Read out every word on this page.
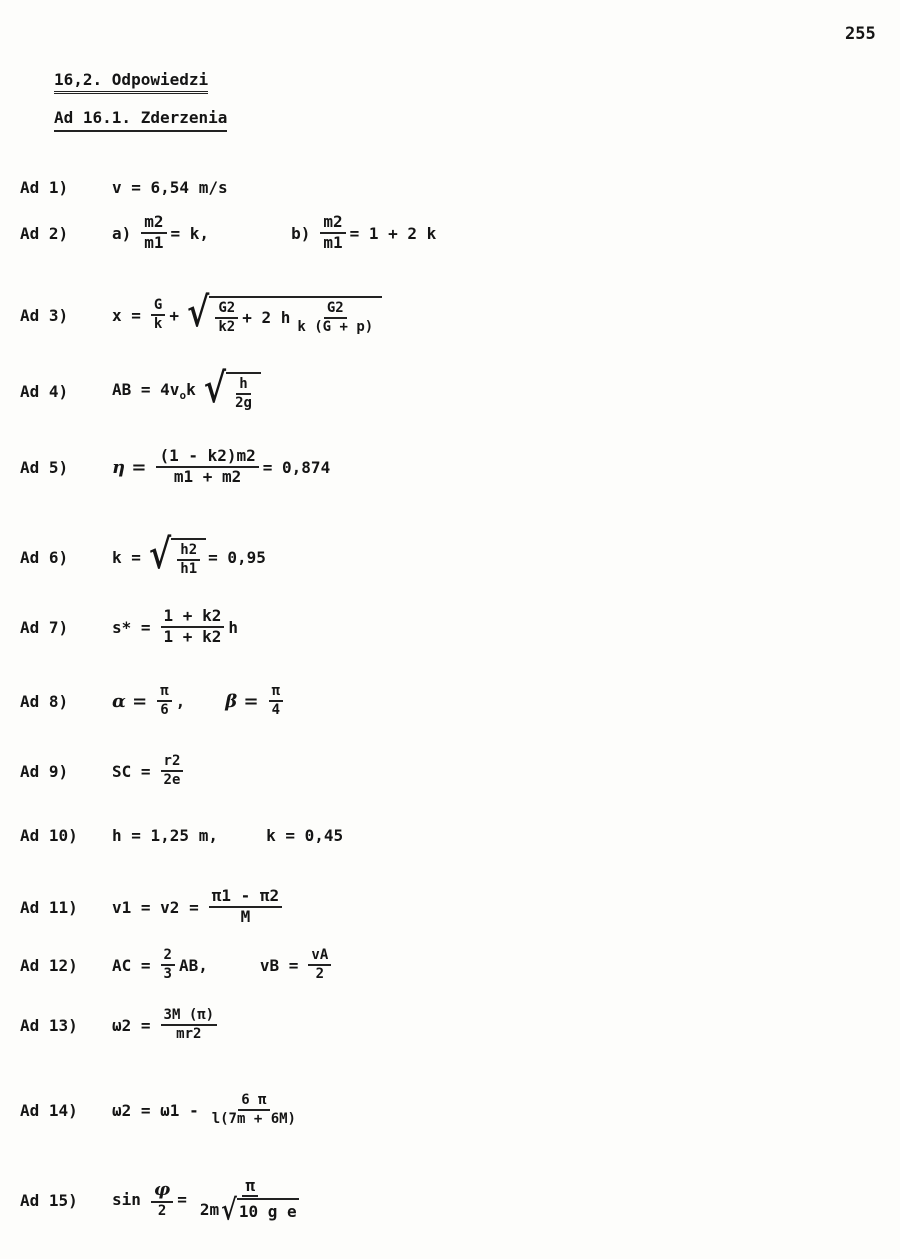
255
16,2. Odpowiedzi
Ad 16.1. Zderzenia
Ad 1)	v = 6,54 m/s
Ad 2)	$a) \frac{m2}{m1} = k$,	$b) \frac{m2}{m1} = 1 + 2$ k
Ad 3)	$x = \frac{G}{k}$ + √ $\frac{G2}{k2} + 2$ h $\frac{G2}{k (G + p)}$
Ad 4)	AB = $4v_ok$ √ $\frac{h}{2g}$
Ad 5)	$\eta = \frac{(1 - k2)m2}{m1 + m2} = 0,874$
Ad 6)	k = √ $\frac{h2}{h1} = 0,95$
Ad 7)	$s* = \frac{1 + k2}{1 + k2}$ h
Ad 8)	$\alpha = \frac{\pi}{6}$ , $\beta = \frac{\pi}{4}$
Ad 9)	SC = $\frac{r2}{2e}$
Ad 10)	h = 1,25 m,     k = 0,45
Ad 11)	$v1 = v2 = \frac{\pi 1 - \pi 2}{M}$
Ad 12)	AC = $\frac{2}{3}$ AB,	vB = $\frac{vA}{2}$
Ad 13)	$\omega 2 = \frac{3M (\pi)}{mr2}$
Ad 14)	$\omega 2 = \omega 1 - \frac{6 \pi}{l(7m + 6M)}$
Ad 15)	$\sin \frac{\varphi}{2} = \frac{\pi}{\text{2m √ 10 g e}}$
